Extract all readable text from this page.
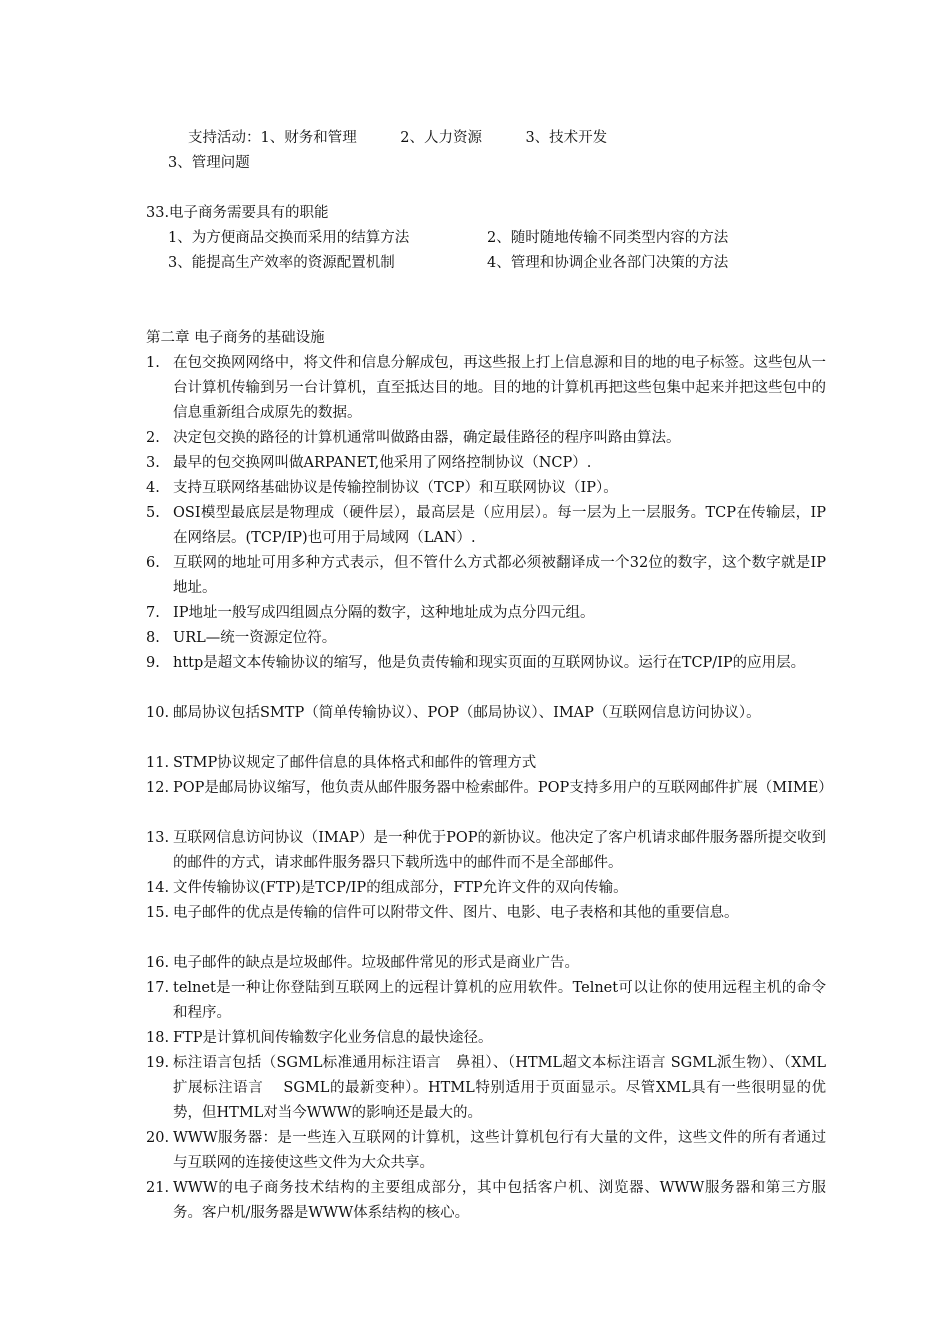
支持活动：1、财务和管理　　　2、人力资源　　　3、技术开发
3、管理问题
33.电子商务需要具有的职能
1、为方便商品交换而采用的结算方法	2、随时随地传输不同类型内容的方法
3、能提高生产效率的资源配置机制	4、管理和协调企业各部门决策的方法
第二章 电子商务的基础设施
1. 在包交换网网络中，将文件和信息分解成包，再这些报上打上信息源和目的地的电子标签。这些包从一台计算机传输到另一台计算机，直至抵达目的地。目的地的计算机再把这些包集中起来并把这些包中的信息重新组合成原先的数据。
2. 决定包交换的路径的计算机通常叫做路由器，确定最佳路径的程序叫路由算法。
3. 最早的包交换网叫做ARPANET,他采用了网络控制协议（NCP）.
4. 支持互联网络基础协议是传输控制协议（TCP）和互联网协议（IP）。
5. OSI模型最底层是物理成（硬件层），最高层是（应用层）。每一层为上一层服务。TCP在传输层，IP在网络层。(TCP/IP)也可用于局域网（LAN）.
6. 互联网的地址可用多种方式表示，但不管什么方式都必须被翻译成一个32位的数字，这个数字就是IP地址。
7. IP地址一般写成四组圆点分隔的数字，这种地址成为点分四元组。
8. URL—统一资源定位符。
9. http是超文本传输协议的缩写，他是负责传输和现实页面的互联网协议。运行在TCP/IP的应用层。
10. 邮局协议包括SMTP（简单传输协议）、POP（邮局协议）、IMAP（互联网信息访问协议）。
11. STMP协议规定了邮件信息的具体格式和邮件的管理方式
12. POP是邮局协议缩写，他负责从邮件服务器中检索邮件。POP支持多用户的互联网邮件扩展（MIME）
13. 互联网信息访问协议（IMAP）是一种优于POP的新协议。他决定了客户机请求邮件服务器所提交收到的邮件的方式，请求邮件服务器只下载所选中的邮件而不是全部邮件。
14. 文件传输协议(FTP)是TCP/IP的组成部分，FTP允许文件的双向传输。
15. 电子邮件的优点是传输的信件可以附带文件、图片、电影、电子表格和其他的重要信息。
16. 电子邮件的缺点是垃圾邮件。垃圾邮件常见的形式是商业广告。
17. telnet是一种让你登陆到互联网上的远程计算机的应用软件。Telnet可以让你的使用远程主机的命令和程序。
18. FTP是计算机间传输数字化业务信息的最快途径。
19. 标注语言包括（SGML标准通用标注语言　鼻祖）、（HTML超文本标注语言 SGML派生物）、（XML　扩展标注语言　 SGML的最新变种）。HTML特别适用于页面显示。尽管XML具有一些很明显的优势，但HTML对当今WWW的影响还是最大的。
20. WWW服务器：是一些连入互联网的计算机，这些计算机包行有大量的文件，这些文件的所有者通过与互联网的连接使这些文件为大众共享。
21. WWW的电子商务技术结构的主要组成部分，其中包括客户机、浏览器、WWW服务器和第三方服务。客户机/服务器是WWW体系结构的核心。
